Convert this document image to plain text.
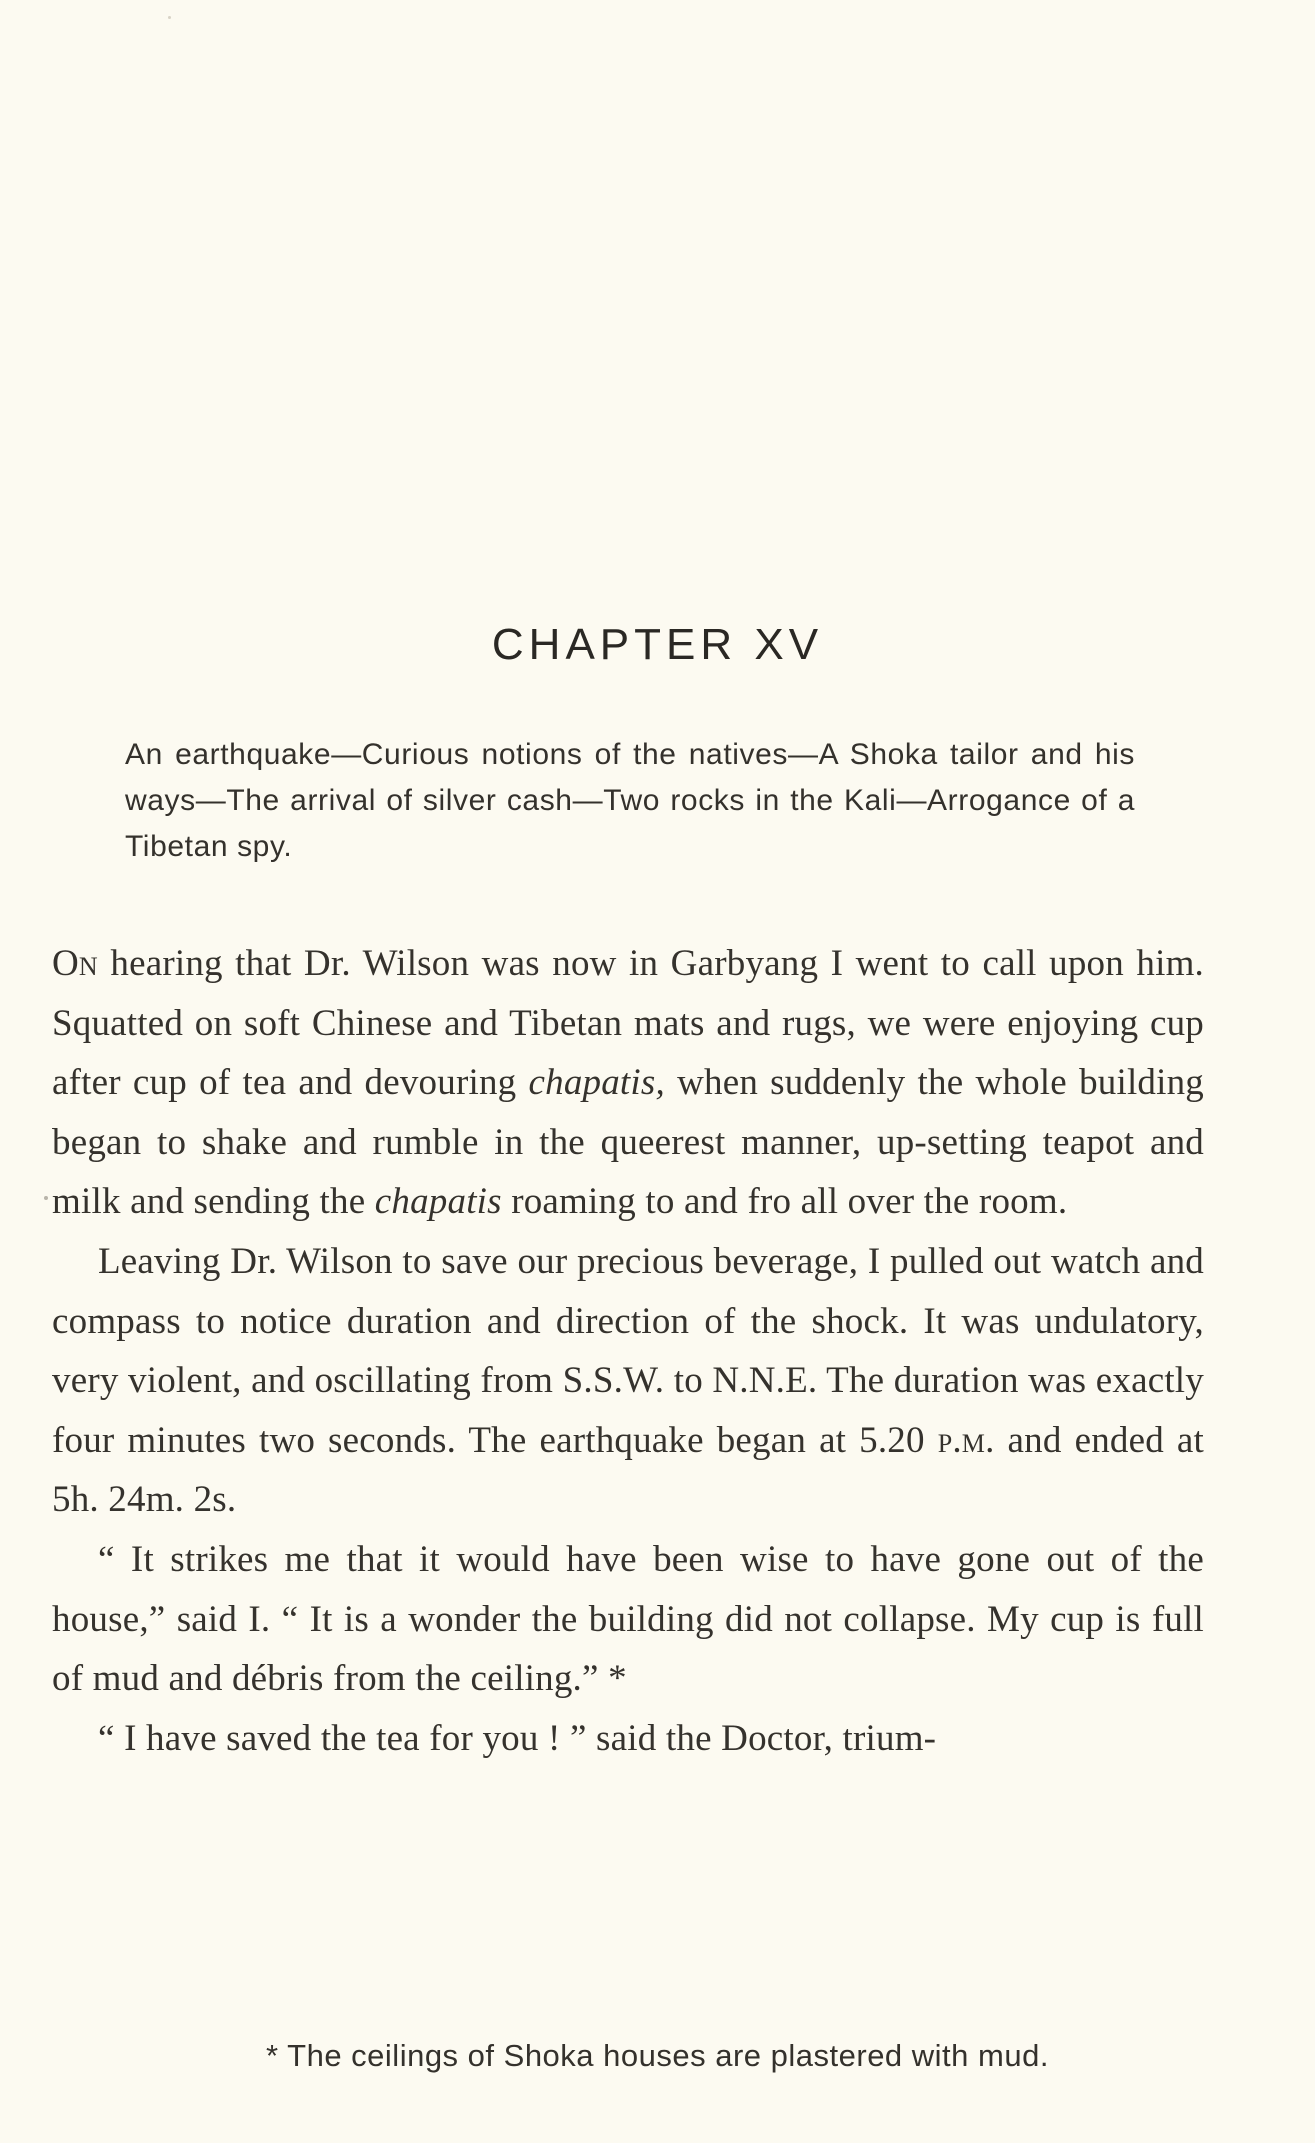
CHAPTER XV

An earthquake—Curious notions of the natives—A Shoka tailor and his ways—The arrival of silver cash—Two rocks in the Kali—Arrogance of a Tibetan spy.

On hearing that Dr. Wilson was now in Garbyang I went to call upon him. Squatted on soft Chinese and Tibetan mats and rugs, we were enjoying cup after cup of tea and devouring chapatis, when suddenly the whole building began to shake and rumble in the queerest manner, up-setting teapot and milk and sending the chapatis roaming to and fro all over the room.

Leaving Dr. Wilson to save our precious beverage, I pulled out watch and compass to notice duration and direction of the shock. It was undulatory, very violent, and oscillating from S.S.W. to N.N.E. The duration was exactly four minutes two seconds. The earthquake began at 5.20 p.m. and ended at 5h. 24m. 2s.

“ It strikes me that it would have been wise to have gone out of the house,” said I. “ It is a wonder the building did not collapse. My cup is full of mud and débris from the ceiling.” *

“ I have saved the tea for you ! ” said the Doctor, trium-

* The ceilings of Shoka houses are plastered with mud.
